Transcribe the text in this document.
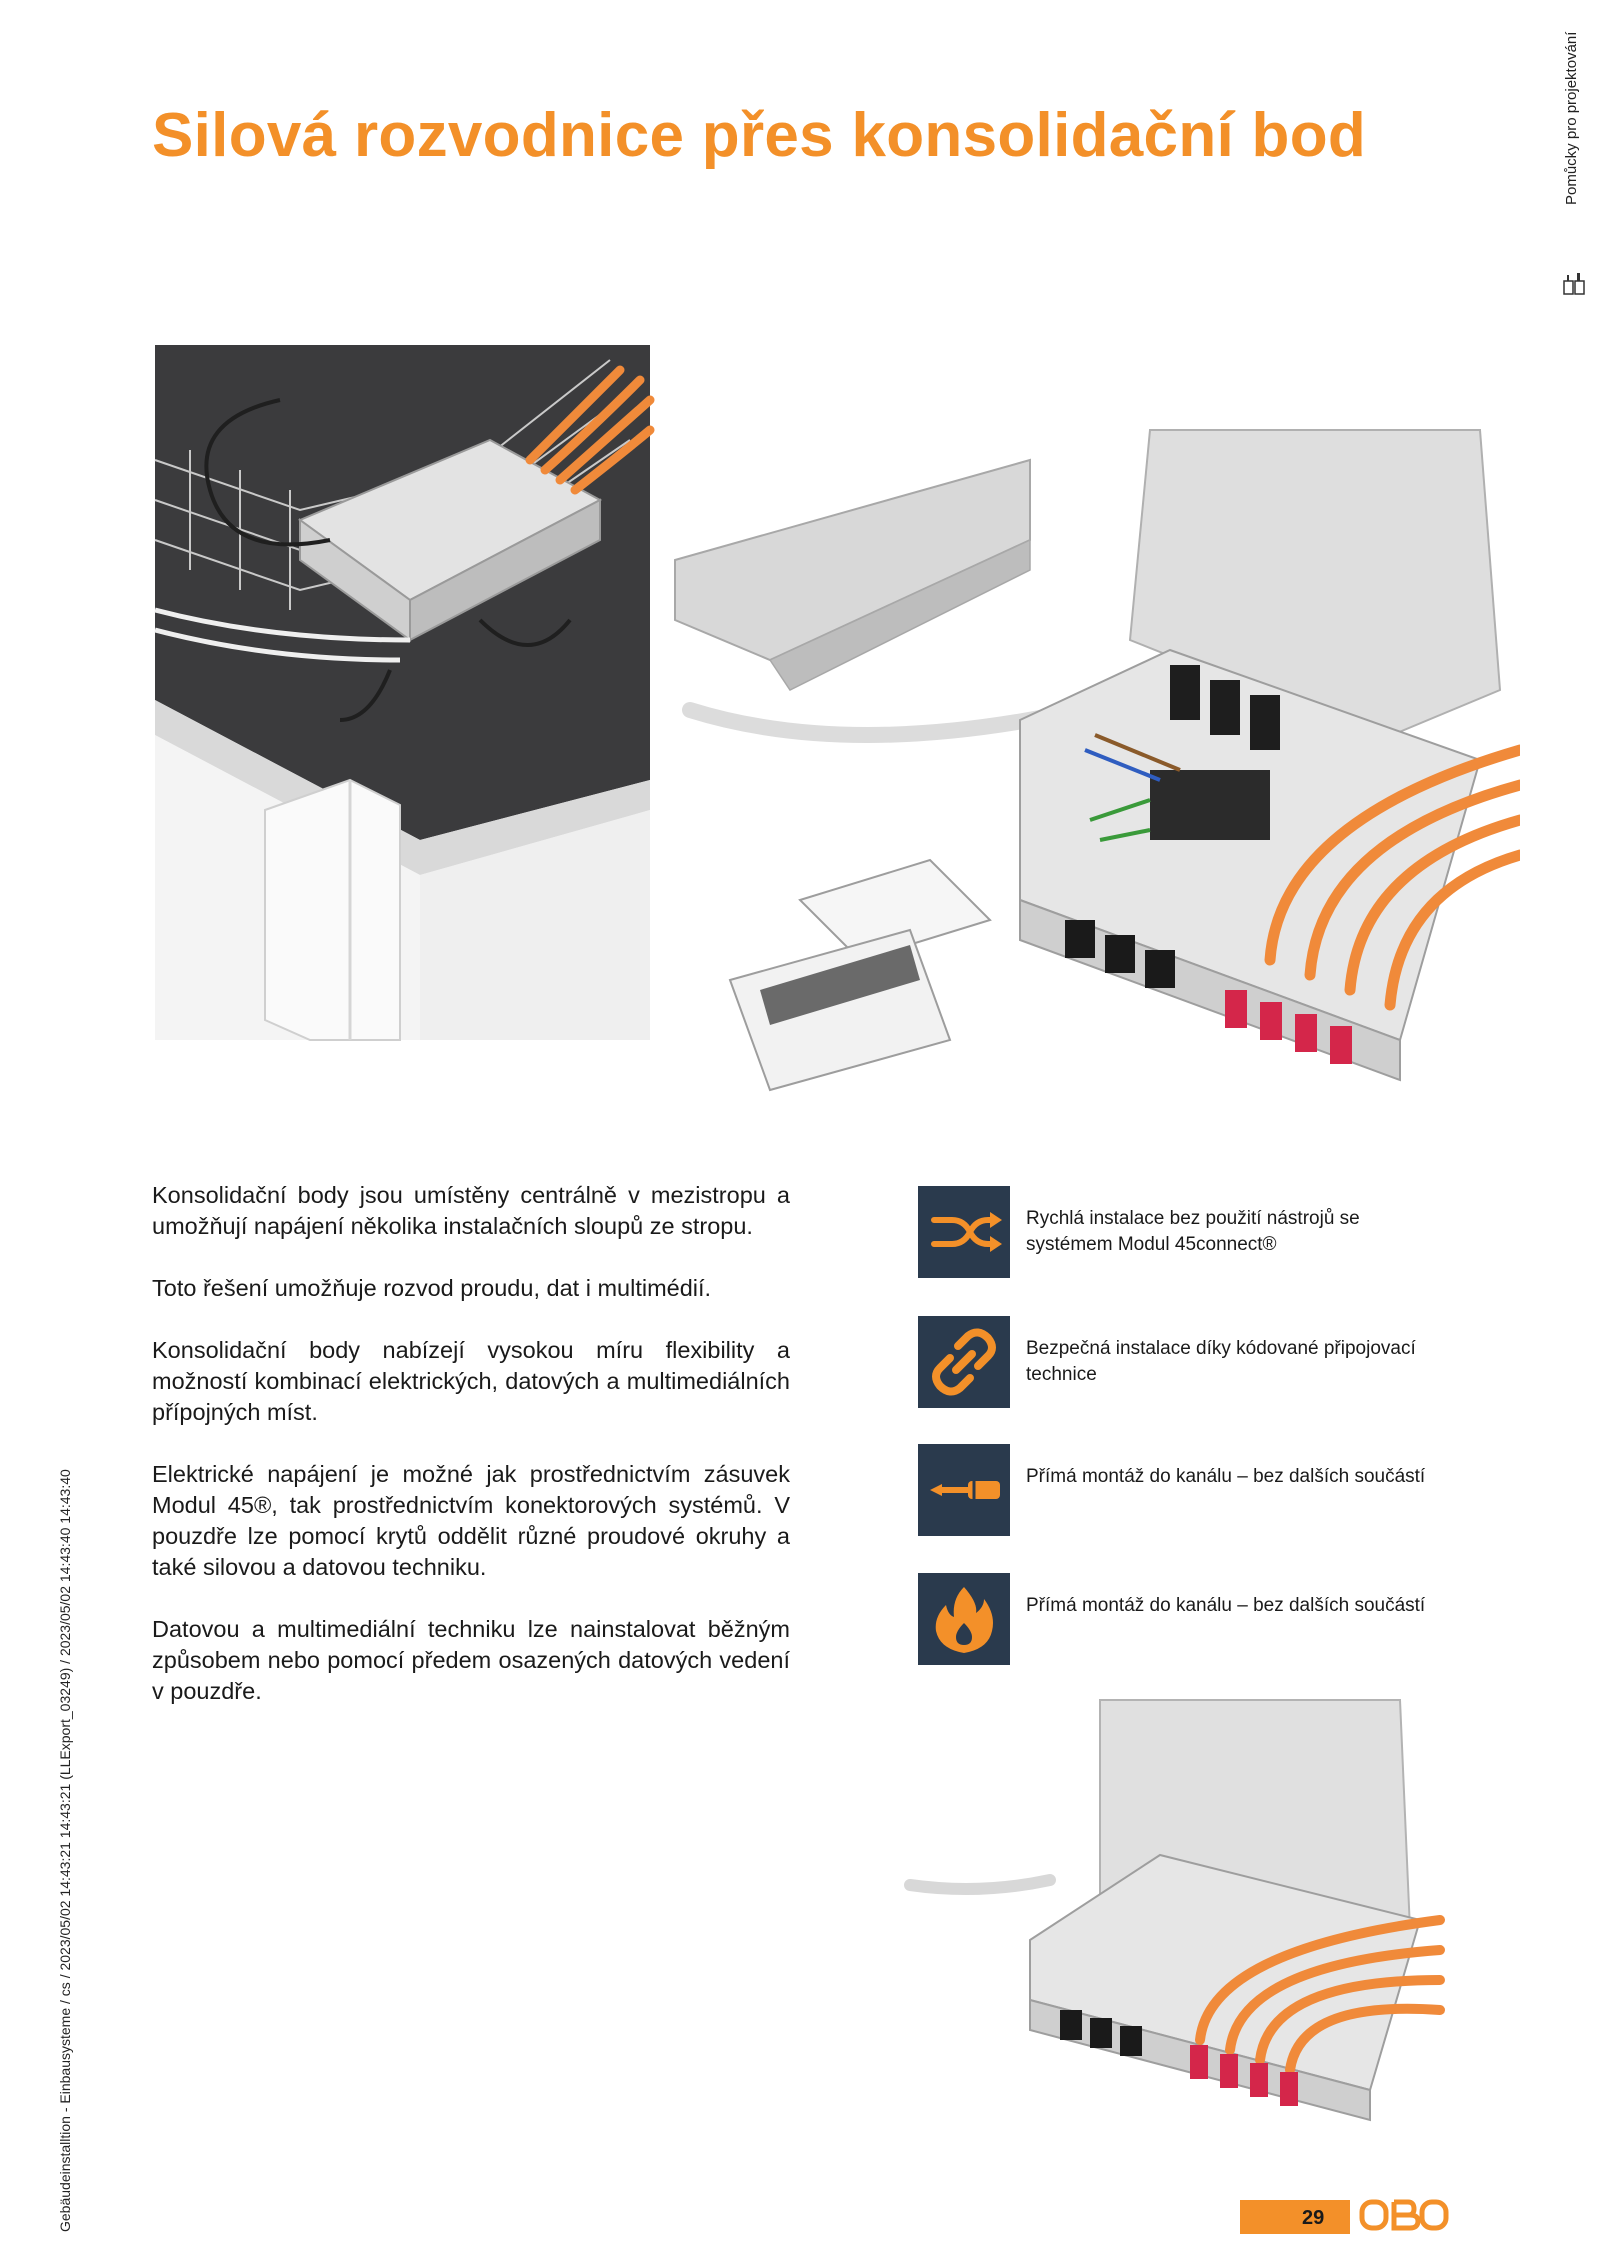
Silová rozvodnice přes konsolidační bod	Pomůcky pro projektování
Gebäudeinstalltion - Einbausysteme / cs / 2023/05/02 14:43:21 14:43:21 (LLExport_03249) / 2023/05/02 14:43:40 14:43:40

Konsolidační body jsou umístěny centrálně v mezistropu a umožňují napájení několika instalačních sloupů ze stropu.

Toto řešení umožňuje rozvod proudu, dat i multimédií.

Konsolidační body nabízejí vysokou míru flexibility a možností kombinací elektrických, datových a multimediálních přípojných míst.

Elektrické napájení je možné jak prostřednictvím zásuvek Modul 45®, tak prostřednictvím konektorových systémů. V pouzdře lze pomocí krytů oddělit různé proudové okruhy a také silovou a datovou techniku.

Datovou a multimediální techniku lze nainstalovat běžným způsobem nebo pomocí předem osazených datových vedení v pouzdře.

Rychlá instalace bez použití nástrojů se systémem Modul 45connect®
Bezpečná instalace díky kódované připojovací technice
Přímá montáž do kanálu – bez dalších součástí
Přímá montáž do kanálu – bez dalších součástí
29
